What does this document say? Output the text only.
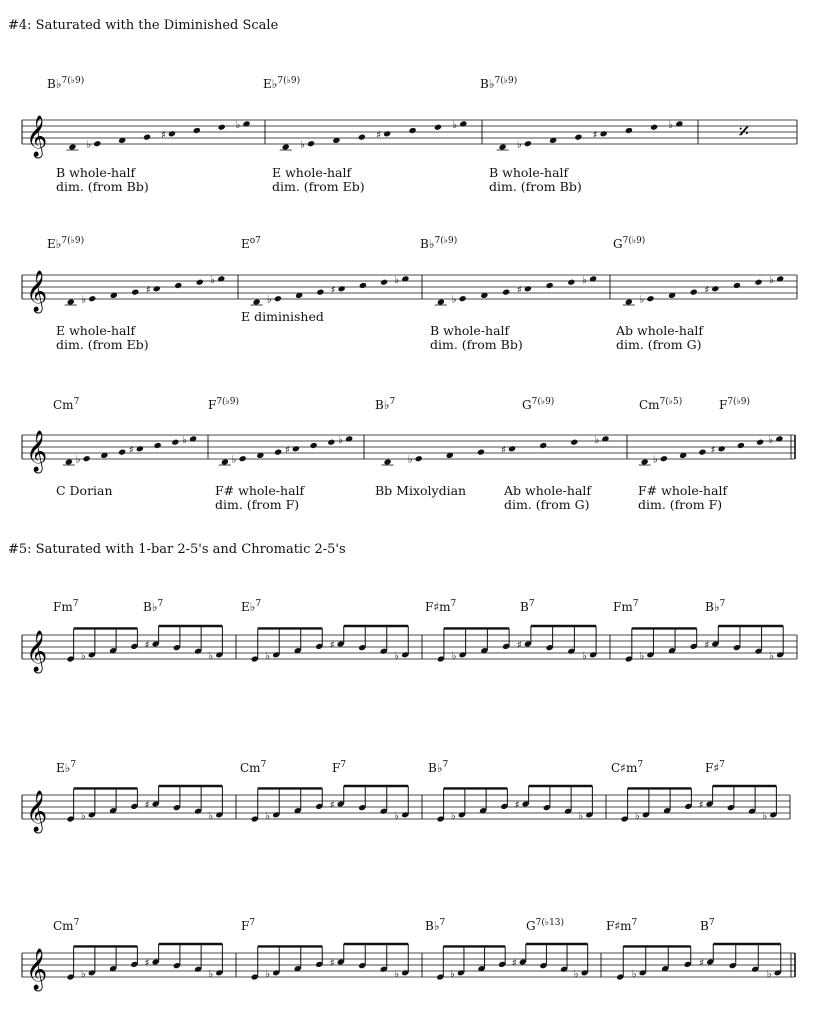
#4: Saturated with the Diminished Scale
#5: Saturated with 1-bar 2-5's and Chromatic 2-5's
B♭$^{7(♭9)}$	E♭$^{7(♭9)}$	B♭$^{7(♭9)}$
B whole-half
dim. (from Bb)
E whole-half
dim. (from Eb)
B whole-half
dim. (from Bb)
E♭$^{7(♭9)}$	$E^{o7}$	B♭$^{7(♭9)}$	$G^{7(♭9)}$
E whole-half
dim. (from Eb)
E diminished
B whole-half
dim. (from Bb)
Ab whole-half
dim. (from G)
Cm$^7$	$F^{7(♭9)}$	B♭$^7$	$G^{7(♭9)}$	$Cm^{7(♭5)}$	$F^{7(♭9)}$
C Dorian	F# whole-half
dim. (from F)
Bb Mixolydian	Ab whole-half
dim. (from G)
F# whole-half
dim. (from F)
Fm$^7$	B♭$^7$	E♭$^7$	$F♯m^7$	$B^7$	Fm$^7$	B♭$^7$
E♭$^7$	Cm$^7$	$F^7$	B♭$^7$	$C♯m^7$	F♯$^7$
Cm$^7$	$F^7$	B♭$^7$	$G^{7(♭13)}$	$F♯m^7$	$B^7$
𝄞	♭
♯
♭
♭
♯
♭
♭
♯
♭	𝄎
𝄞	♭
♯
♭
♭
♯
♭
♭
♯
♭
♭
♯
♭
𝄞	♭
♯
♭
♭
♯
♭
♭
♯
♭
♭
♯
♭
𝄞	♭
♯
♭	♭
♯
♭	♭
♯
♭	♭
♯
♭
𝄞	♭
♯
♭	♭
♯
♭	♭
♯
♭	♭
♯
♭
𝄞	♭
♯
♭	♭
♯
♭	♭
♯
♭	♭
♯
♭
